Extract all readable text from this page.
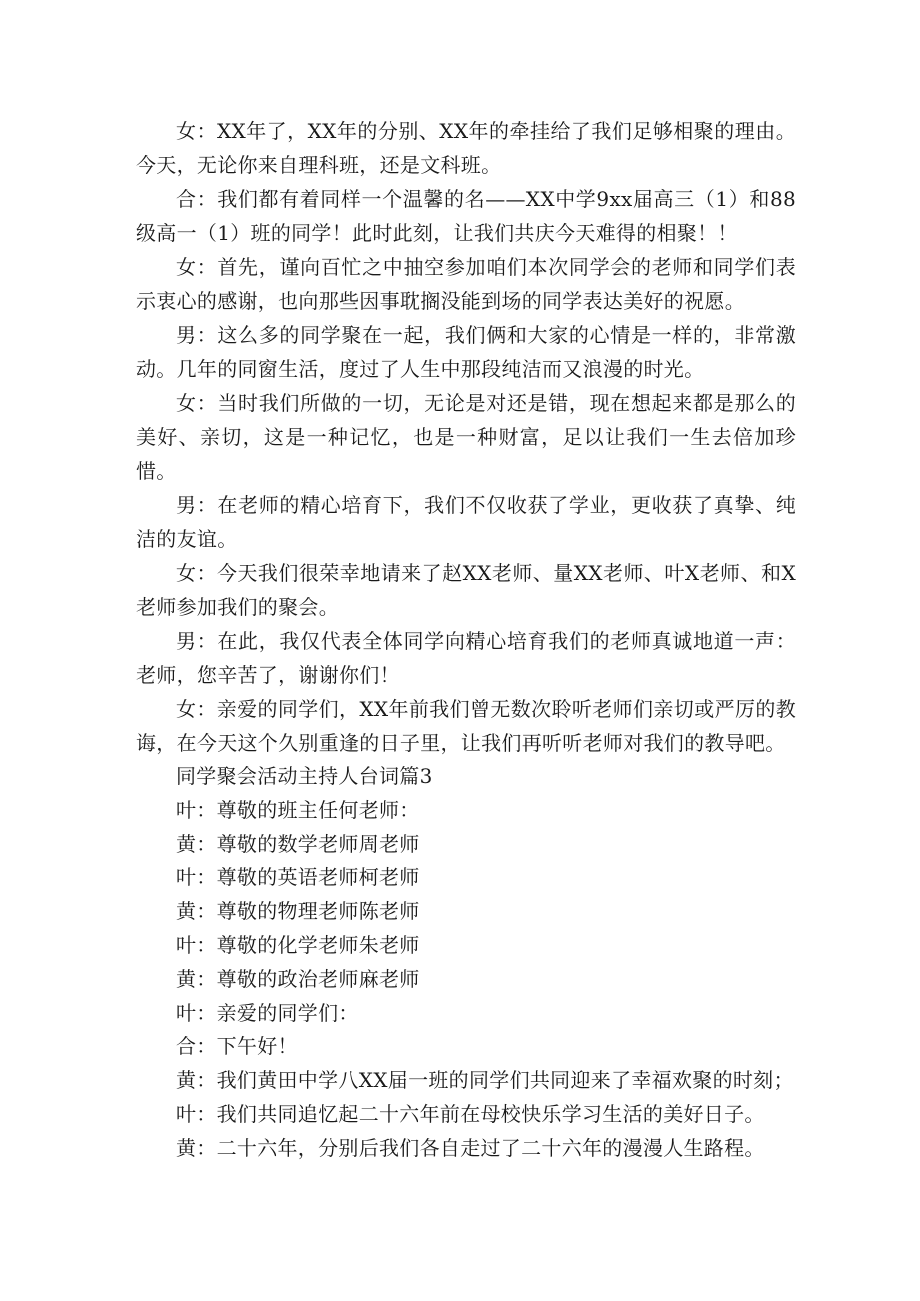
女：XX年了，XX年的分别、XX年的牵挂给了我们足够相聚的理由。今天，无论你来自理科班，还是文科班。

合：我们都有着同样一个温馨的名——XX中学9xx届高三（1）和88级高一（1）班的同学！此时此刻，让我们共庆今天难得的相聚！！

女：首先，谨向百忙之中抽空参加咱们本次同学会的老师和同学们表示衷心的感谢，也向那些因事耽搁没能到场的同学表达美好的祝愿。

男：这么多的同学聚在一起，我们俩和大家的心情是一样的，非常激动。几年的同窗生活，度过了人生中那段纯洁而又浪漫的时光。

女：当时我们所做的一切，无论是对还是错，现在想起来都是那么的美好、亲切，这是一种记忆，也是一种财富，足以让我们一生去倍加珍惜。

男：在老师的精心培育下，我们不仅收获了学业，更收获了真挚、纯洁的友谊。

女：今天我们很荣幸地请来了赵XX老师、量XX老师、叶X老师、和X老师参加我们的聚会。

男：在此，我仅代表全体同学向精心培育我们的老师真诚地道一声：老师，您辛苦了，谢谢你们！

女：亲爱的同学们，XX年前我们曾无数次聆听老师们亲切或严厉的教诲，在今天这个久别重逢的日子里，让我们再听听老师对我们的教导吧。

同学聚会活动主持人台词篇3

叶：尊敬的班主任何老师：

黄：尊敬的数学老师周老师

叶：尊敬的英语老师柯老师

黄：尊敬的物理老师陈老师

叶：尊敬的化学老师朱老师

黄：尊敬的政治老师麻老师

叶：亲爱的同学们：

合：下午好！

黄：我们黄田中学八XX届一班的同学们共同迎来了幸福欢聚的时刻；

叶：我们共同追忆起二十六年前在母校快乐学习生活的美好日子。

黄：二十六年，分别后我们各自走过了二十六年的漫漫人生路程。
